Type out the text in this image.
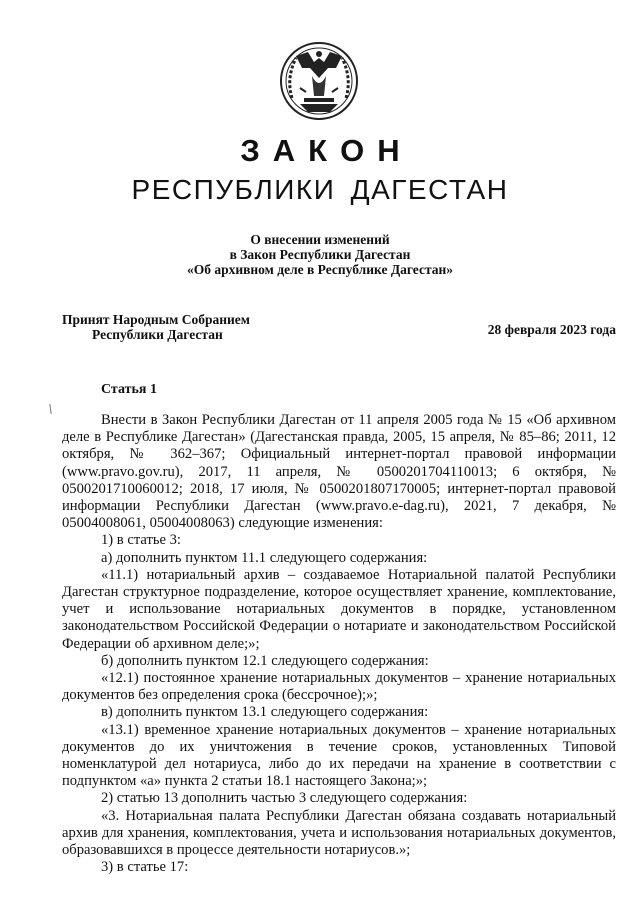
ЗАКОН
РЕСПУБЛИКИ ДАГЕСТАН
О внесении изменений
в Закон Республики Дагестан
«Об архивном деле в Республике Дагестан»
Принят Народным Собранием
Республики Дагестан	28 февраля 2023 года
Статья 1

Внести в Закон Республики Дагестан от 11 апреля 2005 года № 15 «Об архивном деле в Республике Дагестан» (Дагестанская правда, 2005, 15 апреля, № 85–86; 2011, 12 октября, № 362–367; Официальный интернет-портал правовой информации (www.pravo.gov.ru), 2017, 11 апреля, № 0500201704110013; 6 октября, № 0500201710060012; 2018, 17 июля, № 0500201807170005; интернет-портал правовой информации Республики Дагестан (www.pravo.e-dag.ru), 2021, 7 декабря, № 05004008061, 05004008063) следующие изменения:

1) в статье 3:

а) дополнить пунктом 11.1 следующего содержания:

«11.1) нотариальный архив – создаваемое Нотариальной палатой Республики Дагестан структурное подразделение, которое осуществляет хранение, комплектование, учет и использование нотариальных документов в порядке, установленном законодательством Российской Федерации о нотариате и законодательством Российской Федерации об архивном деле;»;

б) дополнить пунктом 12.1 следующего содержания:

«12.1) постоянное хранение нотариальных документов – хранение нотариальных документов без определения срока (бессрочное);»;

в) дополнить пунктом 13.1 следующего содержания:

«13.1) временное хранение нотариальных документов – хранение нотариальных документов до их уничтожения в течение сроков, установленных Типовой номенклатурой дел нотариуса, либо до их передачи на хранение в соответствии с подпунктом «а» пункта 2 статьи 18.1 настоящего Закона;»;

2) статью 13 дополнить частью 3 следующего содержания:

«3. Нотариальная палата Республики Дагестан обязана создавать нотариальный архив для хранения, комплектования, учета и использования нотариальных документов, образовавшихся в процессе деятельности нотариусов.»;

3) в статье 17:
